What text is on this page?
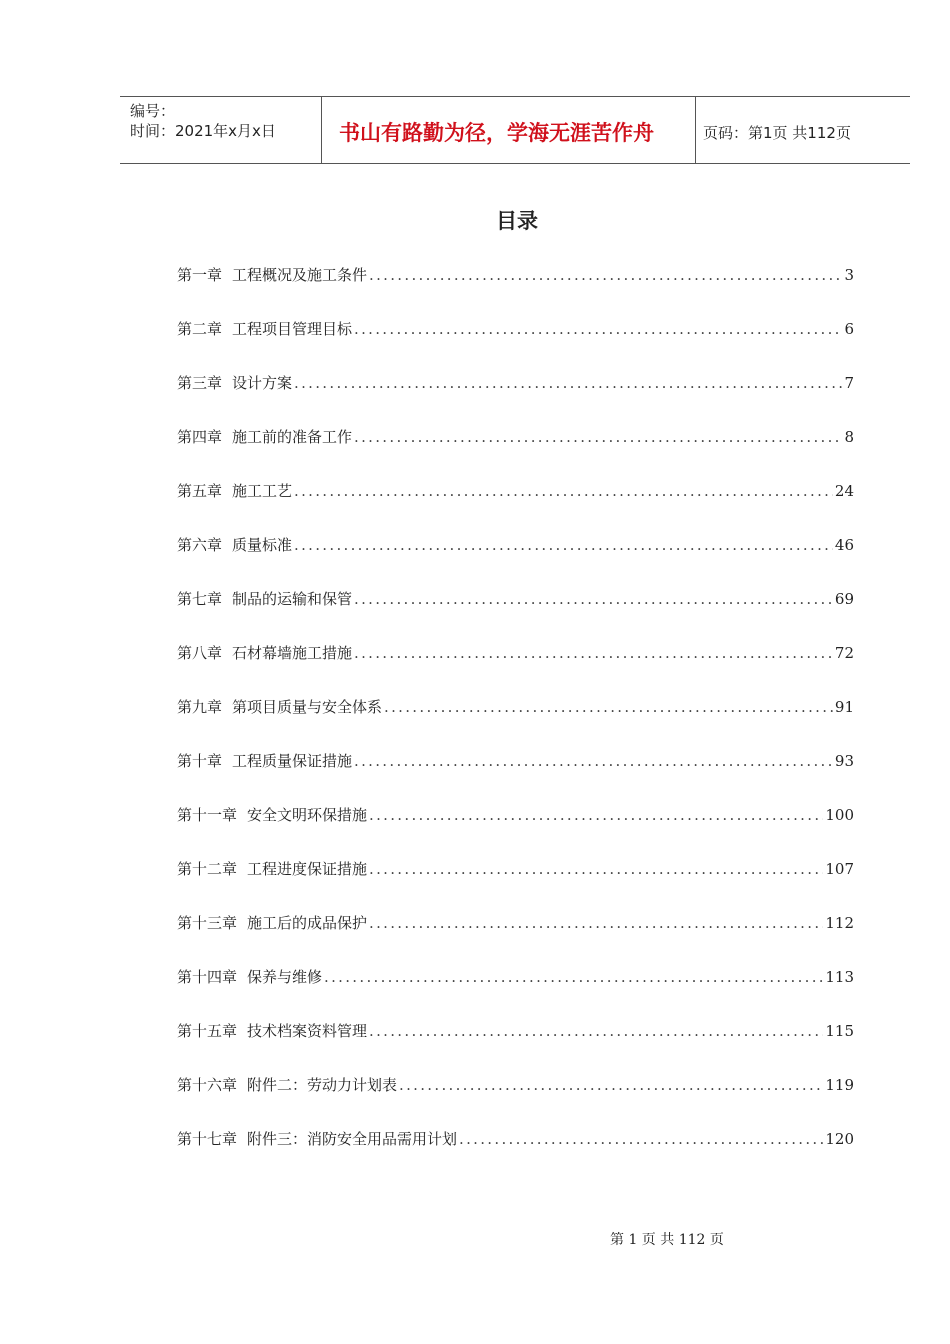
编号：
时间：2021年x月x日	书山有路勤为径，学海无涯苦作舟	页码：第1页 共112页
目录
第一章 工程概况及施工条件 .....	3
第二章 工程项目管理目标 .....	6
第三章 设计方案 .....	7
第四章 施工前的准备工作 .....	8
第五章 施工工艺 .....	24
第六章 质量标准 .....	46
第七章 制品的运输和保管 .....	69
第八章 石材幕墙施工措施 .....	72
第九章 第项目质量与安全体系 .....	91
第十章 工程质量保证措施 .....	93
第十一章 安全文明环保措施 .....	100
第十二章 工程进度保证措施 .....	107
第十三章 施工后的成品保护 .....	112
第十四章 保养与维修 .....	113
第十五章 技术档案资料管理 .....	115
第十六章 附件二：劳动力计划表 .....	119
第十七章 附件三：消防安全用品需用计划 .....	120
第 1 页 共 112 页
